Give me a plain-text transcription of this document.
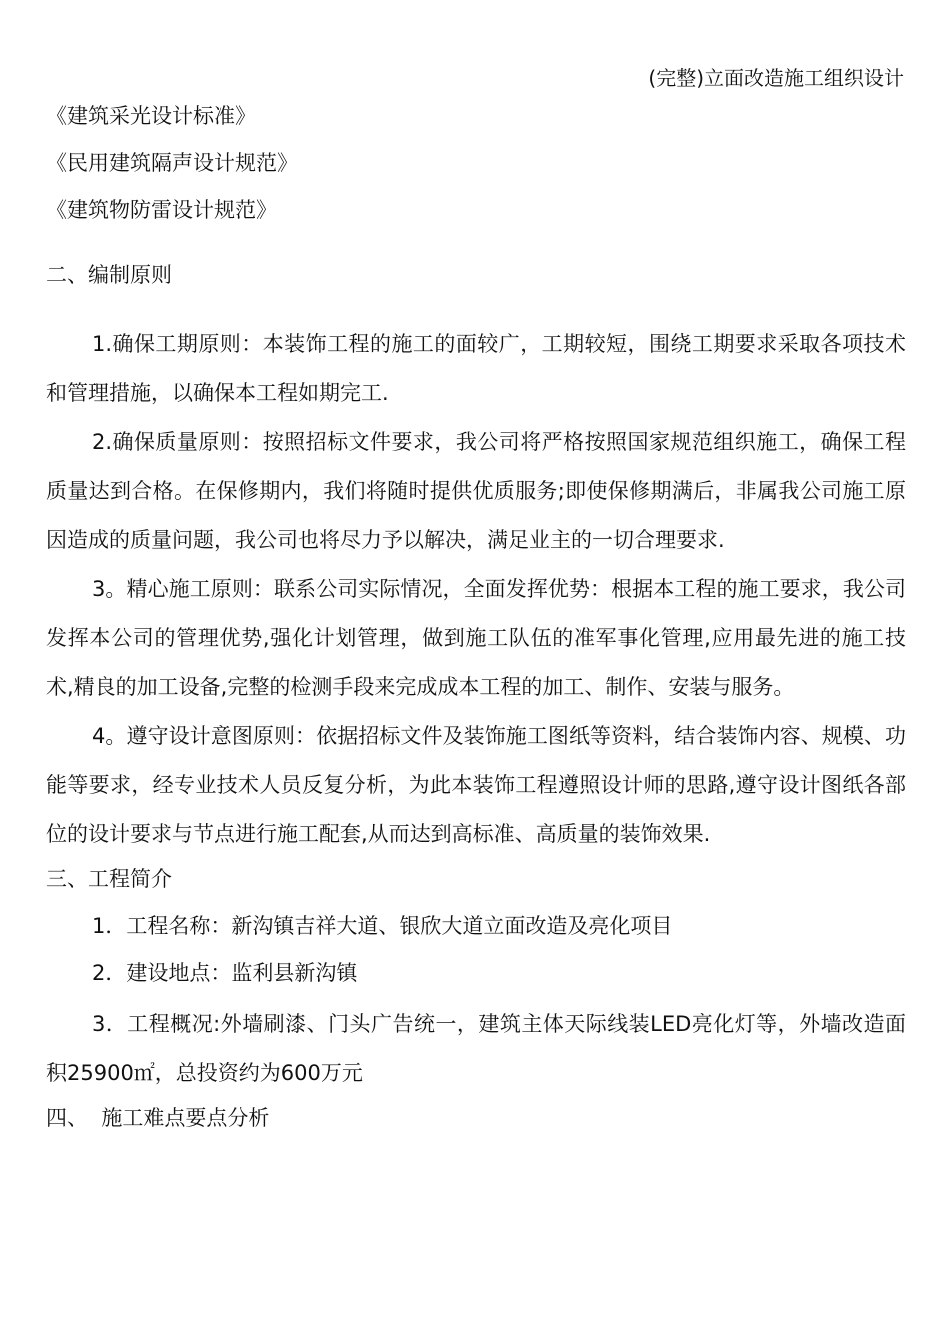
(完整)立面改造施工组织设计
《建筑采光设计标准》
《民用建筑隔声设计规范》
《建筑物防雷设计规范》
二、编制原则

1.确保工期原则：本装饰工程的施工的面较广，工期较短，围绕工期要求采取各项技术和管理措施，以确保本工程如期完工.

2.确保质量原则：按照招标文件要求，我公司将严格按照国家规范组织施工，确保工程质量达到合格。在保修期内，我们将随时提供优质服务;即使保修期满后，非属我公司施工原因造成的质量问题，我公司也将尽力予以解决，满足业主的一切合理要求.

3。精心施工原则：联系公司实际情况，全面发挥优势：根据本工程的施工要求，我公司发挥本公司的管理优势,强化计划管理，做到施工队伍的准军事化管理,应用最先进的施工技术,精良的加工设备,完整的检测手段来完成成本工程的加工、制作、安装与服务。

4。遵守设计意图原则：依据招标文件及装饰施工图纸等资料，结合装饰内容、规模、功能等要求，经专业技术人员反复分析，为此本装饰工程遵照设计师的思路,遵守设计图纸各部位的设计要求与节点进行施工配套,从而达到高标准、高质量的装饰效果.

三、工程简介
1．工程名称：新沟镇吉祥大道、银欣大道立面改造及亮化项目
2．建设地点：监利县新沟镇

3．工程概况:外墙刷漆、门头广告统一，建筑主体天际线装LED亮化灯等，外墙改造面积25900㎡，总投资约为600万元

四、  施工难点要点分析
